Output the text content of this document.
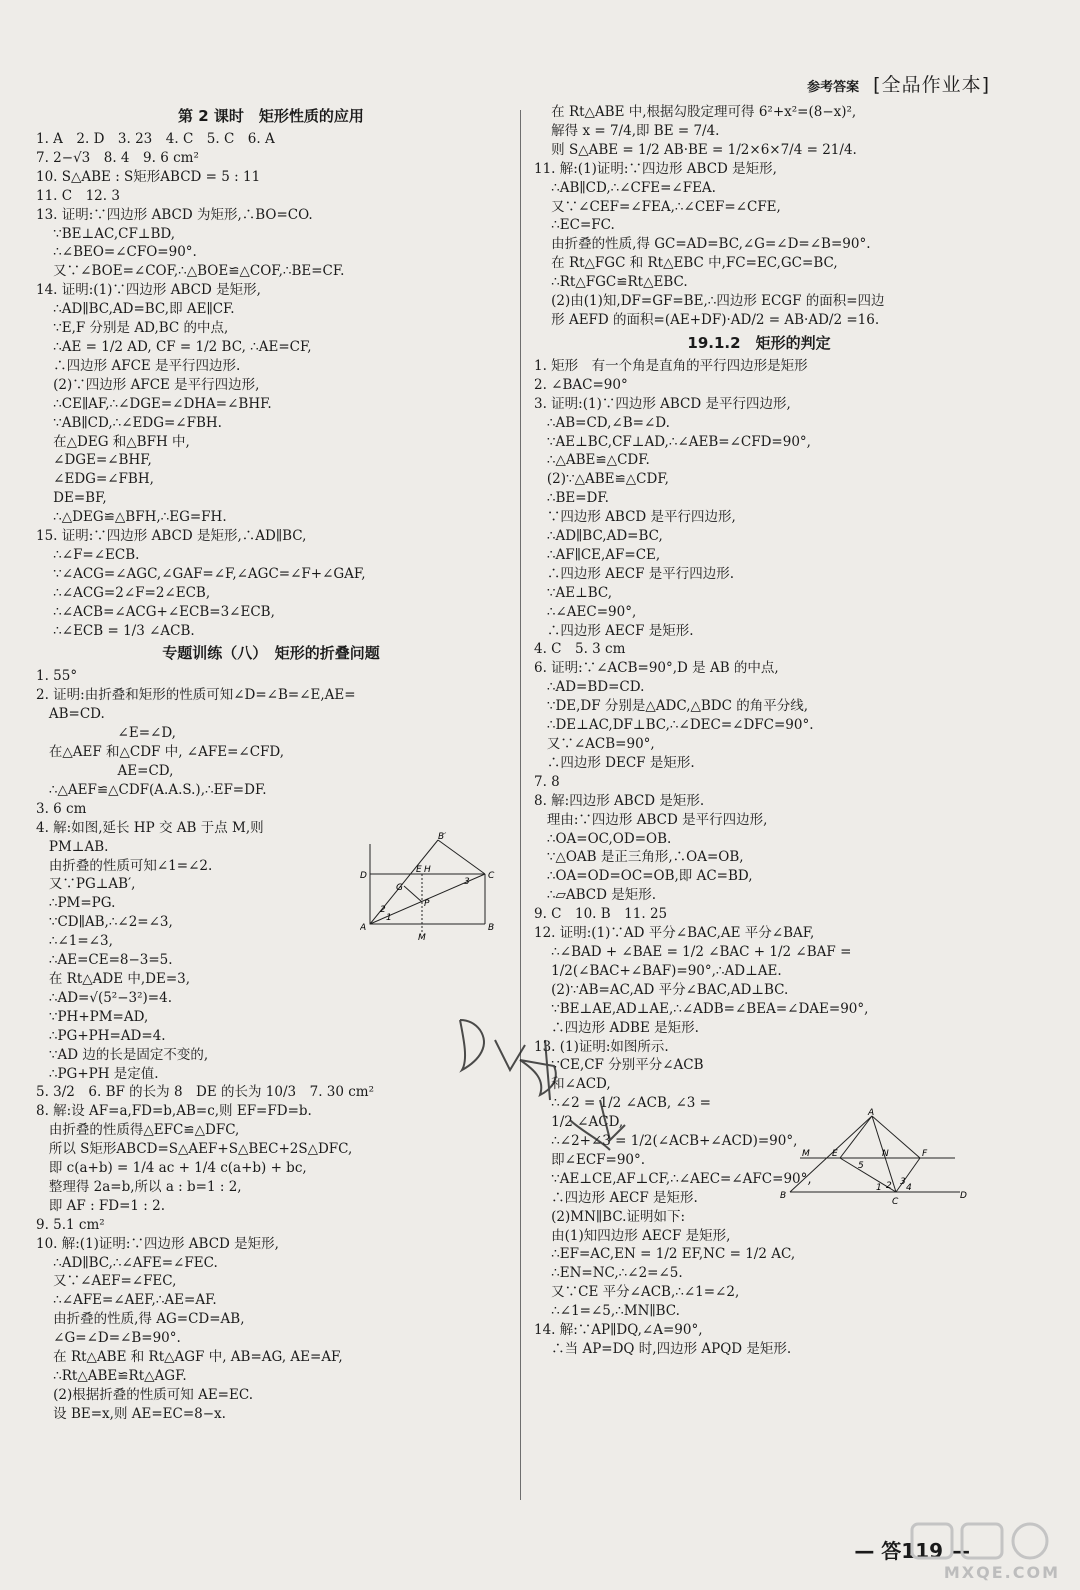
参考答案 [全品作业本]
第 2 课时　矩形性质的应用
1. A　2. D　3. 23　4. C　5. C　6. A
7. 2−√3　8. 4　9. 6 cm²
10. S△ABE : S矩形ABCD = 5 : 11
11. C　12. 3
13. 证明:∵四边形 ABCD 为矩形,∴BO=CO.
∵BE⊥AC,CF⊥BD,
∴∠BEO=∠CFO=90°.
又∵∠BOE=∠COF,∴△BOE≌△COF,∴BE=CF.
14. 证明:(1)∵四边形 ABCD 是矩形,
∴AD∥BC,AD=BC,即 AE∥CF.
∵E,F 分别是 AD,BC 的中点,
∴AE = 1/2 AD, CF = 1/2 BC, ∴AE=CF,
∴四边形 AFCE 是平行四边形.
(2)∵四边形 AFCE 是平行四边形,
∴CE∥AF,∴∠DGE=∠DHA=∠BHF.
∵AB∥CD,∴∠EDG=∠FBH.
在△DEG 和△BFH 中,
∠DGE=∠BHF,
∠EDG=∠FBH,
DE=BF,
∴△DEG≌△BFH,∴EG=FH.
15. 证明:∵四边形 ABCD 是矩形,∴AD∥BC,
∴∠F=∠ECB.
∵∠ACG=∠AGC,∠GAF=∠F,∠AGC=∠F+∠GAF,
∴∠ACG=2∠F=2∠ECB,
∴∠ACB=∠ACG+∠ECB=3∠ECB,
∴∠ECB = 1/3 ∠ACB.
专题训练（八）　矩形的折叠问题
1. 55°
2. 证明:由折叠和矩形的性质可知∠D=∠B=∠E,AE=
AB=CD.
∠E=∠D,
在△AEF 和△CDF 中, ∠AFE=∠CFD,
AE=CD,
∴△AEF≌△CDF(A.A.S.),∴EF=DF.
3. 6 cm
4. 解:如图,延长 HP 交 AB 于点 M,则
PM⊥AB.
由折叠的性质可知∠1=∠2.
又∵PG⊥AB′,
∴PM=PG.
∵CD∥AB,∴∠2=∠3,
∴∠1=∠3,
∴AE=CE=8−3=5.
在 Rt△ADE 中,DE=3,
∴AD=√(5²−3²)=4.
∵PH+PM=AD,
∴PG+PH=AD=4.
∵AD 边的长是固定不变的,
∴PG+PH 是定值.
5. 3/2　6. BF 的长为 8　DE 的长为 10/3　7. 30 cm²
8. 解:设 AF=a,FD=b,AB=c,则 EF=FD=b.
由折叠的性质得△EFC≌△DFC,
所以 S矩形ABCD=S△AEF+S△BEC+2S△DFC,
即 c(a+b) = 1/4 ac + 1/4 c(a+b) + bc,
整理得 2a=b,所以 a : b=1 : 2,
即 AF : FD=1 : 2.
9. 5.1 cm²
10. 解:(1)证明:∵四边形 ABCD 是矩形,
∴AD∥BC,∴∠AFE=∠FEC.
又∵∠AEF=∠FEC,
∴∠AFE=∠AEF,∴AE=AF.
由折叠的性质,得 AG=CD=AB,
∠G=∠D=∠B=90°.
在 Rt△ABE 和 Rt△AGF 中, AB=AG, AE=AF,
∴Rt△ABE≌Rt△AGF.
(2)根据折叠的性质可知 AE=EC.
设 BE=x,则 AE=EC=8−x.
在 Rt△ABE 中,根据勾股定理可得 6²+x²=(8−x)²,
解得 x = 7/4,即 BE = 7/4.
则 S△ABE = 1/2 AB·BE = 1/2×6×7/4 = 21/4.
11. 解:(1)证明:∵四边形 ABCD 是矩形,
∴AB∥CD,∴∠CFE=∠FEA.
又∵∠CEF=∠FEA,∴∠CEF=∠CFE,
∴EC=FC.
由折叠的性质,得 GC=AD=BC,∠G=∠D=∠B=90°.
在 Rt△FGC 和 Rt△EBC 中,FC=EC,GC=BC,
∴Rt△FGC≌Rt△EBC.
(2)由(1)知,DF=GF=BE,∴四边形 ECGF 的面积=四边
形 AEFD 的面积=(AE+DF)·AD/2 = AB·AD/2 =16.
19.1.2　矩形的判定
1. 矩形　有一个角是直角的平行四边形是矩形
2. ∠BAC=90°
3. 证明:(1)∵四边形 ABCD 是平行四边形,
∴AB=CD,∠B=∠D.
∵AE⊥BC,CF⊥AD,∴∠AEB=∠CFD=90°,
∴△ABE≌△CDF.
(2)∵△ABE≌△CDF,
∴BE=DF.
∵四边形 ABCD 是平行四边形,
∴AD∥BC,AD=BC,
∴AF∥CE,AF=CE,
∴四边形 AECF 是平行四边形.
∵AE⊥BC,
∴∠AEC=90°,
∴四边形 AECF 是矩形.
4. C　5. 3 cm
6. 证明:∵∠ACB=90°,D 是 AB 的中点,
∴AD=BD=CD.
∵DE,DF 分别是△ADC,△BDC 的角平分线,
∴DE⊥AC,DF⊥BC,∴∠DEC=∠DFC=90°.
又∵∠ACB=90°,
∴四边形 DECF 是矩形.
7. 8
8. 解:四边形 ABCD 是矩形.
理由:∵四边形 ABCD 是平行四边形,
∴OA=OC,OD=OB.
∵△OAB 是正三角形,∴OA=OB,
∴OA=OD=OC=OB,即 AC=BD,
∴▱ABCD 是矩形.
9. C　10. B　11. 25
12. 证明:(1)∵AD 平分∠BAC,AE 平分∠BAF,
∴∠BAD + ∠BAE = 1/2 ∠BAC + 1/2 ∠BAF =
1/2(∠BAC+∠BAF)=90°,∴AD⊥AE.
(2)∵AB=AC,AD 平分∠BAC,AD⊥BC.
∵BE⊥AE,AD⊥AE,∴∠ADB=∠BEA=∠DAE=90°,
∴四边形 ADBE 是矩形.
13. (1)证明:如图所示.
∵CE,CF 分别平分∠ACB
和∠ACD,
∴∠2 = 1/2 ∠ACB, ∠3 =
1/2 ∠ACD,
∴∠2+∠3 = 1/2(∠ACB+∠ACD)=90°,
即∠ECF=90°.
∵AE⊥CE,AF⊥CF,∴∠AEC=∠AFC=90°,
∴四边形 AECF 是矩形.
(2)MN∥BC.证明如下:
由(1)知四边形 AECF 是矩形,
∴EF=AC,EN = 1/2 EF,NC = 1/2 AC,
∴EN=NC,∴∠2=∠5.
又∵CE 平分∠ACB,∴∠1=∠2,
∴∠1=∠5,∴MN∥BC.
14. 解:∵AP∥DQ,∠A=90°,
∴当 AP=DQ 时,四边形 APQD 是矩形.
A	B
C
D
E
G
H
P
M
B′
1
2
3
A
B
C
D
E	F
M	N
1 2 3
4
5
— 答119 —
MXQE.COM
